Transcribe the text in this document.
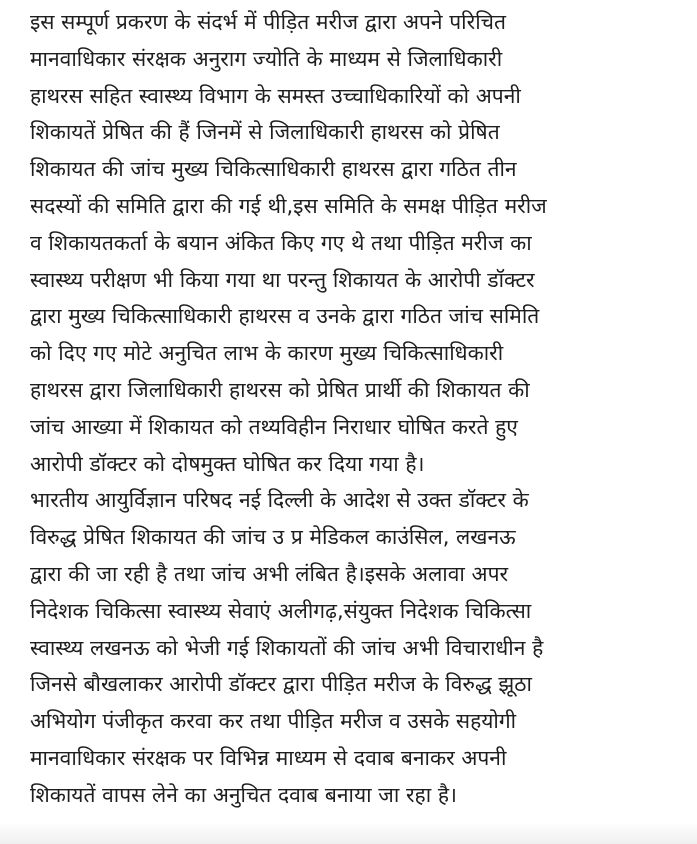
इस सम्पूर्ण प्रकरण के संदर्भ में पीड़ित मरीज द्वारा अपने परिचित
मानवाधिकार संरक्षक अनुराग ज्योति के माध्यम से जिलाधिकारी
हाथरस सहित स्वास्थ्य विभाग के समस्त उच्चाधिकारियों को अपनी
शिकायतें प्रेषित की हैं जिनमें से जिलाधिकारी हाथरस को प्रेषित
शिकायत की जांच मुख्य चिकित्साधिकारी हाथरस द्वारा गठित तीन
सदस्यों की समिति द्वारा की गई थी,इस समिति के समक्ष पीड़ित मरीज
व शिकायतकर्ता के बयान अंकित किए गए थे तथा पीड़ित मरीज का
स्वास्थ्य परीक्षण भी किया गया था परन्तु शिकायत के आरोपी डॉक्टर
द्वारा मुख्य चिकित्साधिकारी हाथरस व उनके द्वारा गठित जांच समिति
को दिए गए मोटे अनुचित लाभ के कारण मुख्य चिकित्साधिकारी
हाथरस द्वारा जिलाधिकारी हाथरस को प्रेषित प्रार्थी की शिकायत की
जांच आख्या में शिकायत को तथ्यविहीन निराधार घोषित करते हुए
आरोपी डॉक्टर को दोषमुक्त घोषित कर दिया गया है।
भारतीय आयुर्विज्ञान परिषद नई दिल्ली के आदेश से उक्त डॉक्टर के
विरुद्ध प्रेषित शिकायत की जांच उ प्र मेडिकल काउंसिल, लखनऊ
द्वारा की जा रही है तथा जांच अभी लंबित है।इसके अलावा अपर
निदेशक चिकित्सा स्वास्थ्य सेवाएं अलीगढ़,संयुक्त निदेशक चिकित्सा
स्वास्थ्य लखनऊ को भेजी गई शिकायतों की जांच अभी विचाराधीन है
जिनसे बौखलाकर आरोपी डॉक्टर द्वारा पीड़ित मरीज के विरुद्ध झूठा
अभियोग पंजीकृत करवा कर तथा पीड़ित मरीज व उसके सहयोगी
मानवाधिकार संरक्षक पर विभिन्न माध्यम से दवाब बनाकर अपनी
शिकायतें वापस लेने का अनुचित दवाब बनाया जा रहा है।
